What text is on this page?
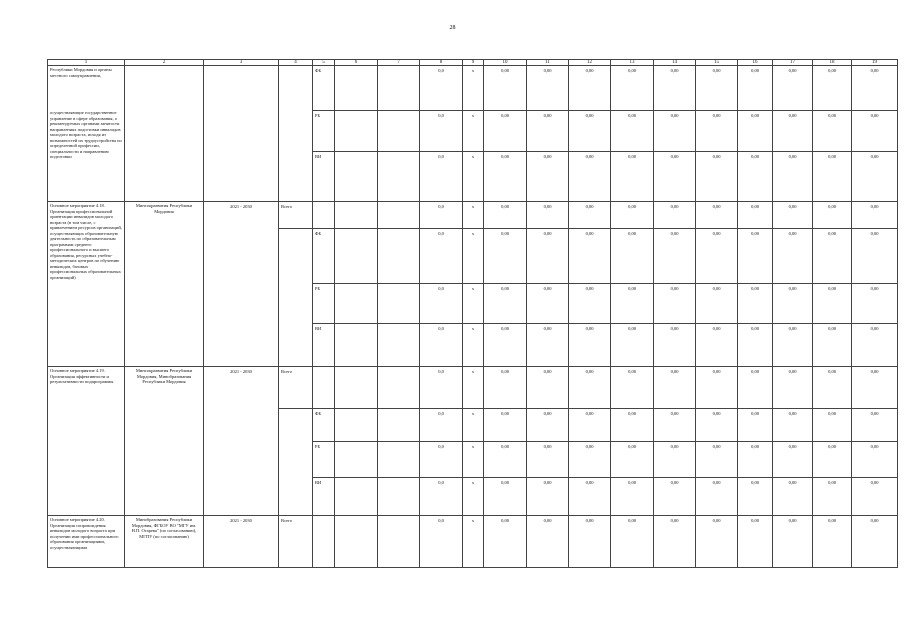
28
1	2	3	4	5	6	7	8	9	10	11	12	13	14	15	16	17	18	19

Республики Мордовия и органы местного самоуправления,
осуществляющие государственное управление в сфере образования, о рекомендуемых органами занятости направлениях подготовки инвалидов молодого возраста, исходя из возможностей их трудоустройства по определенной профессии, специальности и направлению подготовки				ФБ			0,0	x	0,00	0,00	0,00	0,00	0,00	0,00	0,00	0,00	0,00	0,00
				РБ			0,0	x	0,00	0,00	0,00	0,00	0,00	0,00	0,00	0,00	0,00	0,00
				ВИ			0,0	x	0,00	0,00	0,00	0,00	0,00	0,00	0,00	0,00	0,00	0,00
Основное мероприятие 4.18. Организация профессиональной ориентации инвалидов молодого возраста (в том числе, с привлечением ресурсов организаций, осуществляющих образовательную деятельность по образовательным программам среднего профессионального и высшего образования, ресурсных учебно-методических центров по обучению инвалидов, базовых профессиональных образовательных организаций)	Минсоцразвития Республики Мордовия	2021 - 2030	Всего				0,0	x	0,00	0,00	0,00	0,00	0,00	0,00	0,00	0,00	0,00	0,00
				ФБ			0,0	x	0,00	0,00	0,00	0,00	0,00	0,00	0,00	0,00	0,00	0,00
				РБ			0,0	x	0,00	0,00	0,00	0,00	0,00	0,00	0,00	0,00	0,00	0,00
				ВИ			0,0	x	0,00	0,00	0,00	0,00	0,00	0,00	0,00	0,00	0,00	0,00
Основное мероприятие 4.19. Организация эффективности и результативности подпрограммы	Минсоцразвития Республики Мордовия, Минобразования Республики Мордовия	2021 - 2030	Всего				0,0	x	0,00	0,00	0,00	0,00	0,00	0,00	0,00	0,00	0,00	0,00
				ФБ			0,0	x	0,00	0,00	0,00	0,00	0,00	0,00	0,00	0,00	0,00	0,00
				РБ			0,0	x	0,00	0,00	0,00	0,00	0,00	0,00	0,00	0,00	0,00	0,00
				ВИ			0,0	x	0,00	0,00	0,00	0,00	0,00	0,00	0,00	0,00	0,00	0,00
Основное мероприятие 4.20. Организация сопровождения инвалидов молодого возраста при получении ими профессионального образования организациями, осуществляющими	Минобразования Республики Мордовия, ФГБОУ ВО "МГУ им. Н.П. Огарева" (по согласованию), МГПУ (по согласованию)	2021 - 2030	Всего				0,0	x	0,00	0,00	0,00	0,00	0,00	0,00	0,00	0,00	0,00	0,00
